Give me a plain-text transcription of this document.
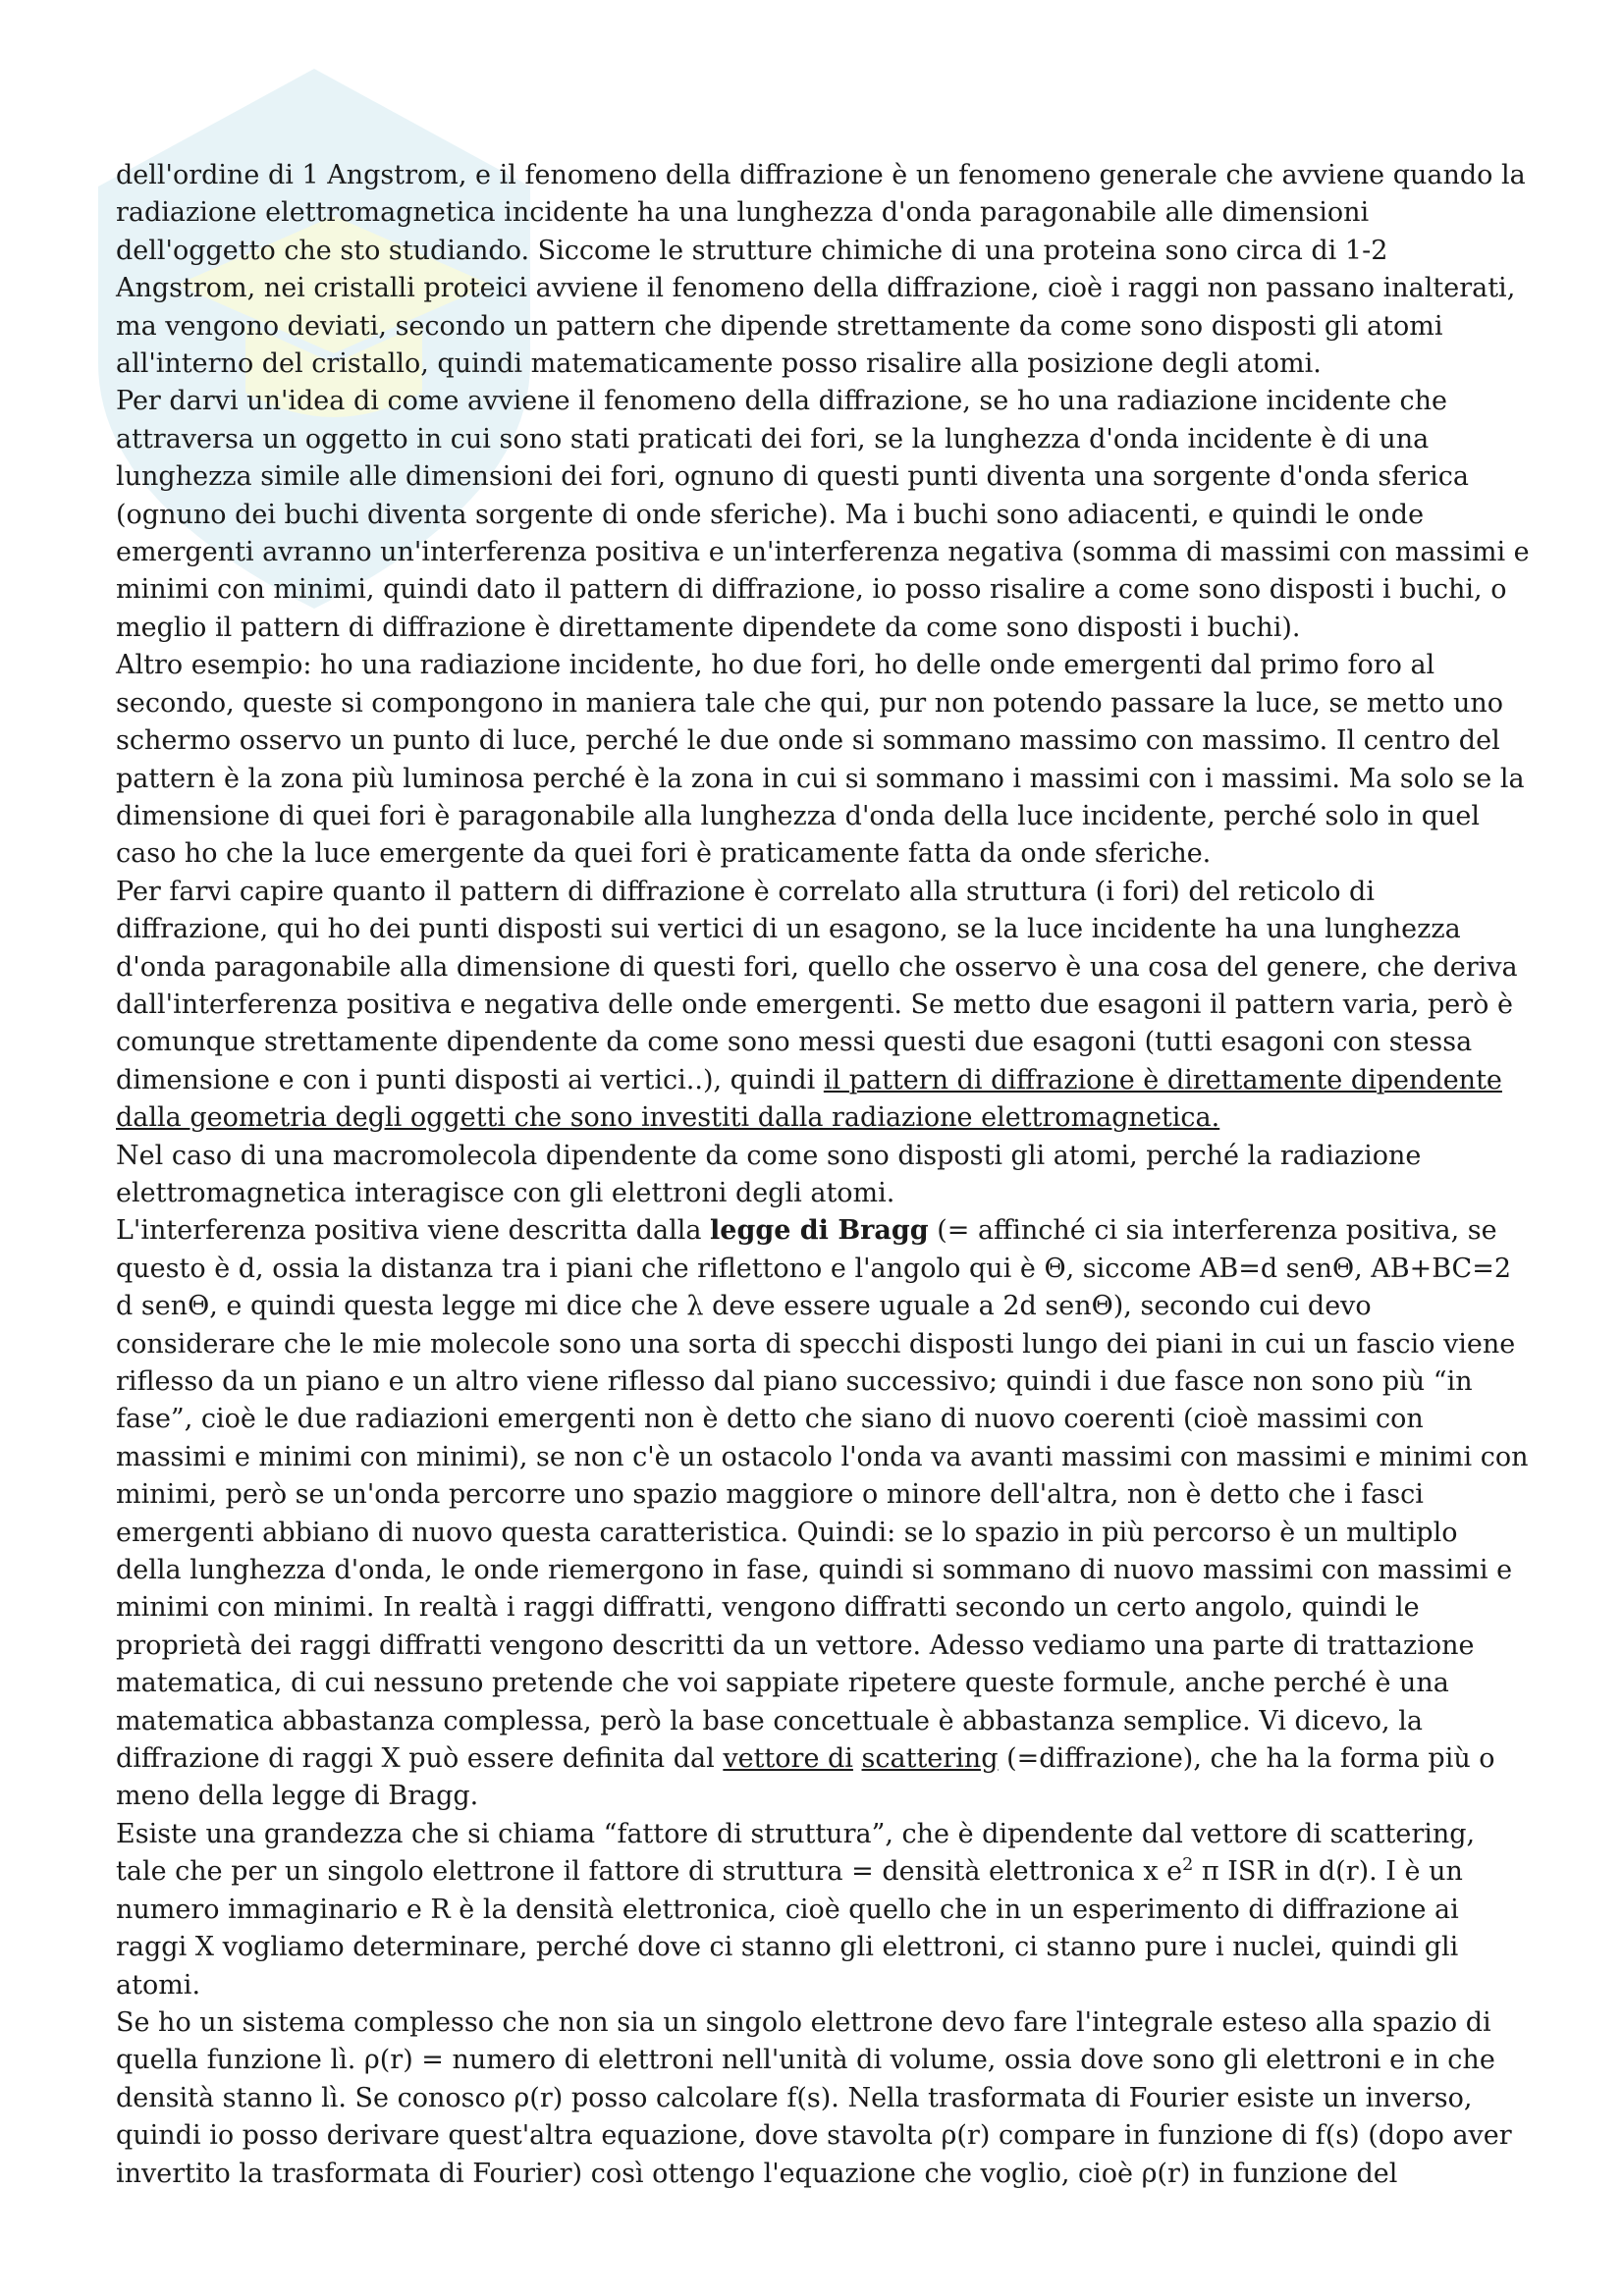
dell'ordine di 1 Angstrom, e il fenomeno della diffrazione è un fenomeno generale che avviene quando la radiazione elettromagnetica incidente ha una lunghezza d'onda paragonabile alle dimensioni dell'oggetto che sto studiando. Siccome le strutture chimiche di una proteina sono circa di 1-2 Angstrom, nei cristalli proteici avviene il fenomeno della diffrazione, cioè i raggi non passano inalterati, ma vengono deviati, secondo un pattern che dipende strettamente da come sono disposti gli atomi all'interno del cristallo, quindi matematicamente posso risalire alla posizione degli atomi.

Per darvi un'idea di come avviene il fenomeno della diffrazione, se ho una radiazione incidente che attraversa un oggetto in cui sono stati praticati dei fori, se la lunghezza d'onda incidente è di una lunghezza simile alle dimensioni dei fori, ognuno di questi punti diventa una sorgente d'onda sferica (ognuno dei buchi diventa sorgente di onde sferiche). Ma i buchi sono adiacenti, e quindi le onde emergenti avranno un'interferenza positiva e un'interferenza negativa (somma di massimi con massimi e minimi con minimi, quindi dato il pattern di diffrazione, io posso risalire a come sono disposti i buchi, o meglio il pattern di diffrazione è direttamente dipendete da come sono disposti i buchi).

Altro esempio: ho una radiazione incidente, ho due fori, ho delle onde emergenti dal primo foro al secondo, queste si compongono in maniera tale che qui, pur non potendo passare la luce, se metto uno schermo osservo un punto di luce, perché le due onde si sommano massimo con massimo. Il centro del pattern è la zona più luminosa perché è la zona in cui si sommano i massimi con i massimi. Ma solo se la dimensione di quei fori è paragonabile alla lunghezza d'onda della luce incidente, perché solo in quel caso ho che la luce emergente da quei fori è praticamente fatta da onde sferiche.

Per farvi capire quanto il pattern di diffrazione è correlato alla struttura (i fori) del reticolo di diffrazione, qui ho dei punti disposti sui vertici di un esagono, se la luce incidente ha una lunghezza d'onda paragonabile alla dimensione di questi fori, quello che osservo è una cosa del genere, che deriva dall'interferenza positiva e negativa delle onde emergenti. Se metto due esagoni il pattern varia, però è comunque strettamente dipendente da come sono messi questi due esagoni (tutti esagoni con stessa dimensione e con i punti disposti ai vertici..), quindi il pattern di diffrazione è direttamente dipendente dalla geometria degli oggetti che sono investiti dalla radiazione elettromagnetica.

Nel caso di una macromolecola dipendente da come sono disposti gli atomi, perché la radiazione elettromagnetica interagisce con gli elettroni degli atomi.

L'interferenza positiva viene descritta dalla legge di Bragg (= affinché ci sia interferenza positiva, se questo è d, ossia la distanza tra i piani che riflettono e l'angolo qui è Θ, siccome AB=d senΘ, AB+BC=2 d senΘ, e quindi questa legge mi dice che λ deve essere uguale a 2d senΘ), secondo cui devo considerare che le mie molecole sono una sorta di specchi disposti lungo dei piani in cui un fascio viene riflesso da un piano e un altro viene riflesso dal piano successivo; quindi i due fasce non sono più “in fase”, cioè le due radiazioni emergenti non è detto che siano di nuovo coerenti (cioè massimi con massimi e minimi con minimi), se non c'è un ostacolo l'onda va avanti massimi con massimi e minimi con minimi, però se un'onda percorre uno spazio maggiore o minore dell'altra, non è detto che i fasci emergenti abbiano di nuovo questa caratteristica. Quindi: se lo spazio in più percorso è un multiplo della lunghezza d'onda, le onde riemergono in fase, quindi si sommano di nuovo massimi con massimi e minimi con minimi. In realtà i raggi diffratti, vengono diffratti secondo un certo angolo, quindi le proprietà dei raggi diffratti vengono descritti da un vettore. Adesso vediamo una parte di trattazione matematica, di cui nessuno pretende che voi sappiate ripetere queste formule, anche perché è una matematica abbastanza complessa, però la base concettuale è abbastanza semplice. Vi dicevo, la diffrazione di raggi X può essere definita dal vettore di scattering (=diffrazione), che ha la forma più o meno della legge di Bragg.

Esiste una grandezza che si chiama “fattore di struttura”, che è dipendente dal vettore di scattering, tale che per un singolo elettrone il fattore di struttura = densità elettronica x $e^2$ π ISR in d(r). I è un numero immaginario e R è la densità elettronica, cioè quello che in un esperimento di diffrazione ai raggi X vogliamo determinare, perché dove ci stanno gli elettroni, ci stanno pure i nuclei, quindi gli atomi.

Se ho un sistema complesso che non sia un singolo elettrone devo fare l'integrale esteso alla spazio di quella funzione lì. ρ(r) = numero di elettroni nell'unità di volume, ossia dove sono gli elettroni e in che densità stanno lì. Se conosco ρ(r) posso calcolare f(s). Nella trasformata di Fourier esiste un inverso, quindi io posso derivare quest'altra equazione, dove stavolta ρ(r) compare in funzione di f(s) (dopo aver invertito la trasformata di Fourier) così ottengo l'equazione che voglio, cioè ρ(r) in funzione del
